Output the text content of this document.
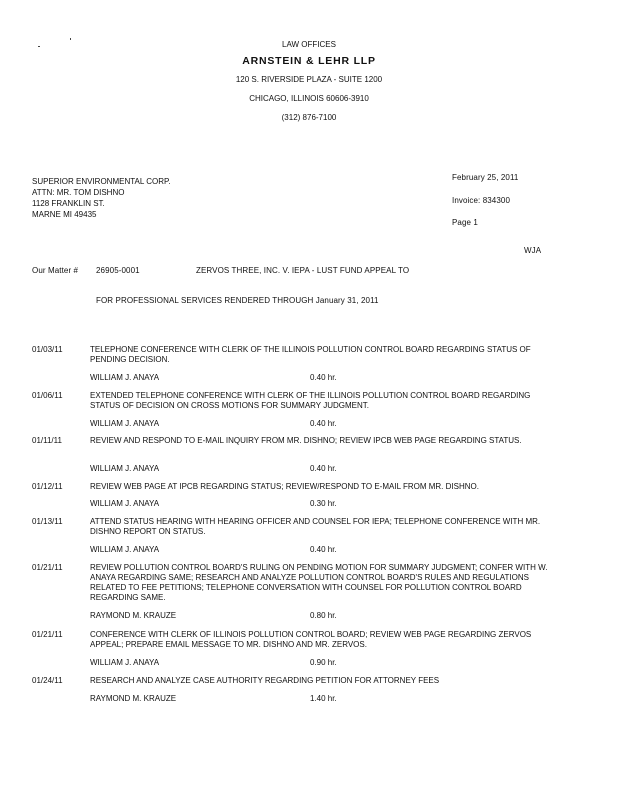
LAW OFFICES
ARNSTEIN & LEHR LLP
120 S. RIVERSIDE PLAZA - SUITE 1200
CHICAGO, ILLINOIS 60606-3910
(312) 876-7100
SUPERIOR ENVIRONMENTAL CORP.
ATTN: MR. TOM DISHNO
1128 FRANKLIN ST.
MARNE MI 49435
February 25, 2011
Invoice: 834300
Page 1
WJA
Our Matter # 26905-0001	ZERVOS THREE, INC. V. IEPA - LUST FUND APPEAL TO
FOR PROFESSIONAL SERVICES RENDERED THROUGH January 31, 2011
01/03/11	TELEPHONE CONFERENCE WITH CLERK OF THE ILLINOIS POLLUTION CONTROL BOARD REGARDING STATUS OF PENDING DECISION.
WILLIAM J. ANAYA	0.40 hr.
01/06/11	EXTENDED TELEPHONE CONFERENCE WITH CLERK OF THE ILLINOIS POLLUTION CONTROL BOARD REGARDING STATUS OF DECISION ON CROSS MOTIONS FOR SUMMARY JUDGMENT.
WILLIAM J. ANAYA	0.40 hr.
01/11/11	REVIEW AND RESPOND TO E-MAIL INQUIRY FROM MR. DISHNO; REVIEW IPCB WEB PAGE REGARDING STATUS.
WILLIAM J. ANAYA	0.40 hr.
01/12/11	REVIEW WEB PAGE AT IPCB REGARDING STATUS; REVIEW/RESPOND TO E-MAIL FROM MR. DISHNO.
WILLIAM J. ANAYA	0.30 hr.
01/13/11	ATTEND STATUS HEARING WITH HEARING OFFICER AND COUNSEL FOR IEPA; TELEPHONE CONFERENCE WITH MR. DISHNO REPORT ON STATUS.
WILLIAM J. ANAYA	0.40 hr.
01/21/11	REVIEW POLLUTION CONTROL BOARD'S RULING ON PENDING MOTION FOR SUMMARY JUDGMENT; CONFER WITH W. ANAYA REGARDING SAME; RESEARCH AND ANALYZE POLLUTION CONTROL BOARD'S RULES AND REGULATIONS RELATED TO FEE PETITIONS; TELEPHONE CONVERSATION WITH COUNSEL FOR POLLUTION CONTROL BOARD REGARDING SAME.
RAYMOND M. KRAUZE	0.80 hr.
01/21/11	CONFERENCE WITH CLERK OF ILLINOIS POLLUTION CONTROL BOARD; REVIEW WEB PAGE REGARDING ZERVOS APPEAL; PREPARE EMAIL MESSAGE TO MR. DISHNO AND MR. ZERVOS.
WILLIAM J. ANAYA	0.90 hr.
01/24/11	RESEARCH AND ANALYZE CASE AUTHORITY REGARDING PETITION FOR ATTORNEY FEES
RAYMOND M. KRAUZE	1.40 hr.
